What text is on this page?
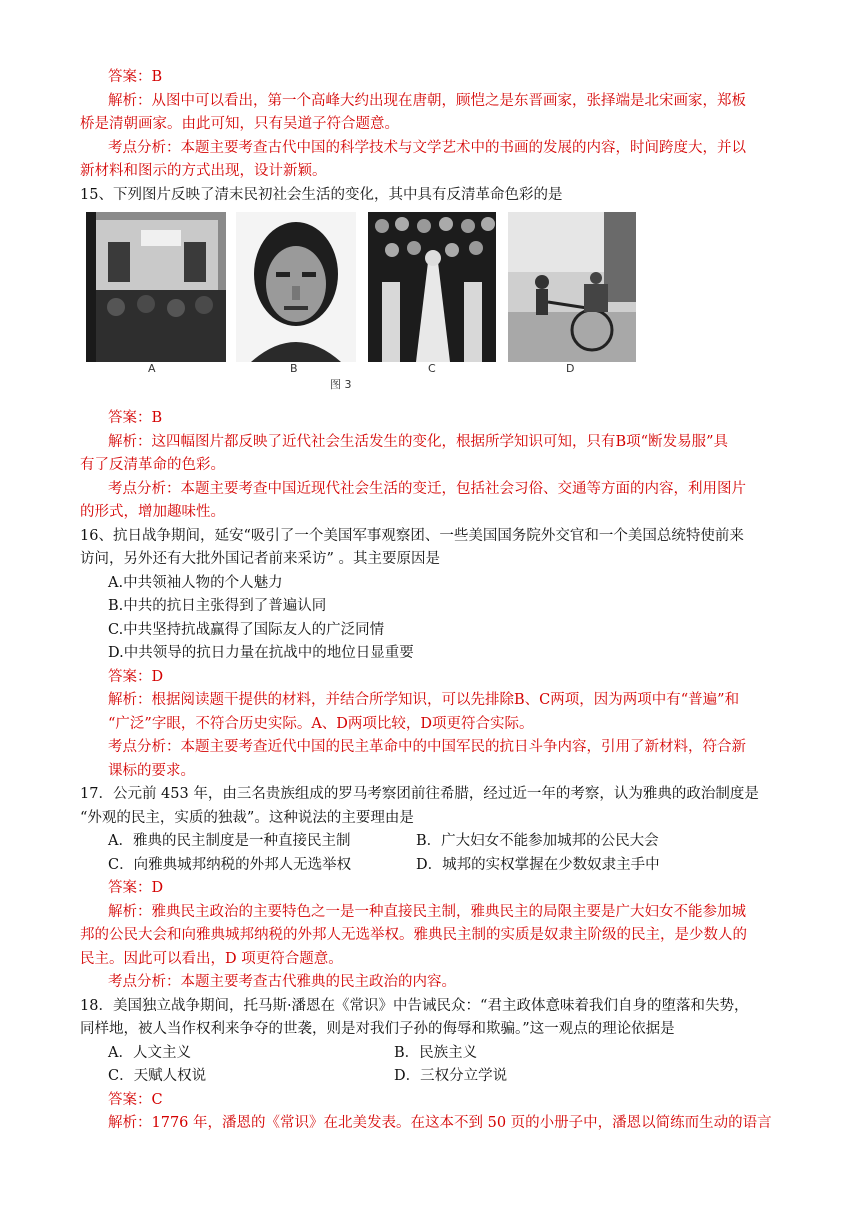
答案：B
解析：从图中可以看出，第一个高峰大约出现在唐朝，顾恺之是东晋画家，张择端是北宋画家，郑板
桥是清朝画家。由此可知，只有吴道子符合题意。
考点分析：本题主要考查古代中国的科学技术与文学艺术中的书画的发展的内容，时间跨度大，并以
新材料和图示的方式出现，设计新颖。
15、下列图片反映了清末民初社会生活的变化，其中具有反清革命色彩的是
A	B	C	D
图 3
答案：B
解析：这四幅图片都反映了近代社会生活发生的变化，根据所学知识可知，只有B项“断发易服”具
有了反清革命的色彩。
考点分析：本题主要考查中国近现代社会生活的变迁，包括社会习俗、交通等方面的内容，利用图片
的形式，增加趣味性。
16、抗日战争期间，延安“吸引了一个美国军事观察团、一些美国国务院外交官和一个美国总统特使前来
访问，另外还有大批外国记者前来采访” 。其主要原因是
A.中共领袖人物的个人魅力
B.中共的抗日主张得到了普遍认同
C.中共坚持抗战赢得了国际友人的广泛同情
D.中共领导的抗日力量在抗战中的地位日显重要
答案：D
解析：根据阅读题干提供的材料，并结合所学知识，可以先排除B、C两项，因为两项中有“普遍”和
“广泛”字眼，不符合历史实际。A、D两项比较，D项更符合实际。
考点分析：本题主要考查近代中国的民主革命中的中国军民的抗日斗争内容，引用了新材料，符合新
课标的要求。
17．公元前 453 年，由三名贵族组成的罗马考察团前往希腊，经过近一年的考察，认为雅典的政治制度是
“外观的民主，实质的独裁”。这种说法的主要理由是
A．雅典的民主制度是一种直接民主制	B．广大妇女不能参加城邦的公民大会
C．向雅典城邦纳税的外邦人无选举权	D．城邦的实权掌握在少数奴隶主手中
答案：D
解析：雅典民主政治的主要特色之一是一种直接民主制，雅典民主的局限主要是广大妇女不能参加城
邦的公民大会和向雅典城邦纳税的外邦人无选举权。雅典民主制的实质是奴隶主阶级的民主，是少数人的
民主。因此可以看出，D 项更符合题意。
考点分析：本题主要考查古代雅典的民主政治的内容。
18．美国独立战争期间，托马斯·潘恩在《常识》中告诫民众：“君主政体意味着我们自身的堕落和失势，
同样地，被人当作权利来争夺的世袭，则是对我们子孙的侮辱和欺骗。”这一观点的理论依据是
A．人文主义	B．民族主义
C．天赋人权说	D．三权分立学说
答案：C
解析：1776 年，潘恩的《常识》在北美发表。在这本不到 50 页的小册子中，潘恩以简练而生动的语言
